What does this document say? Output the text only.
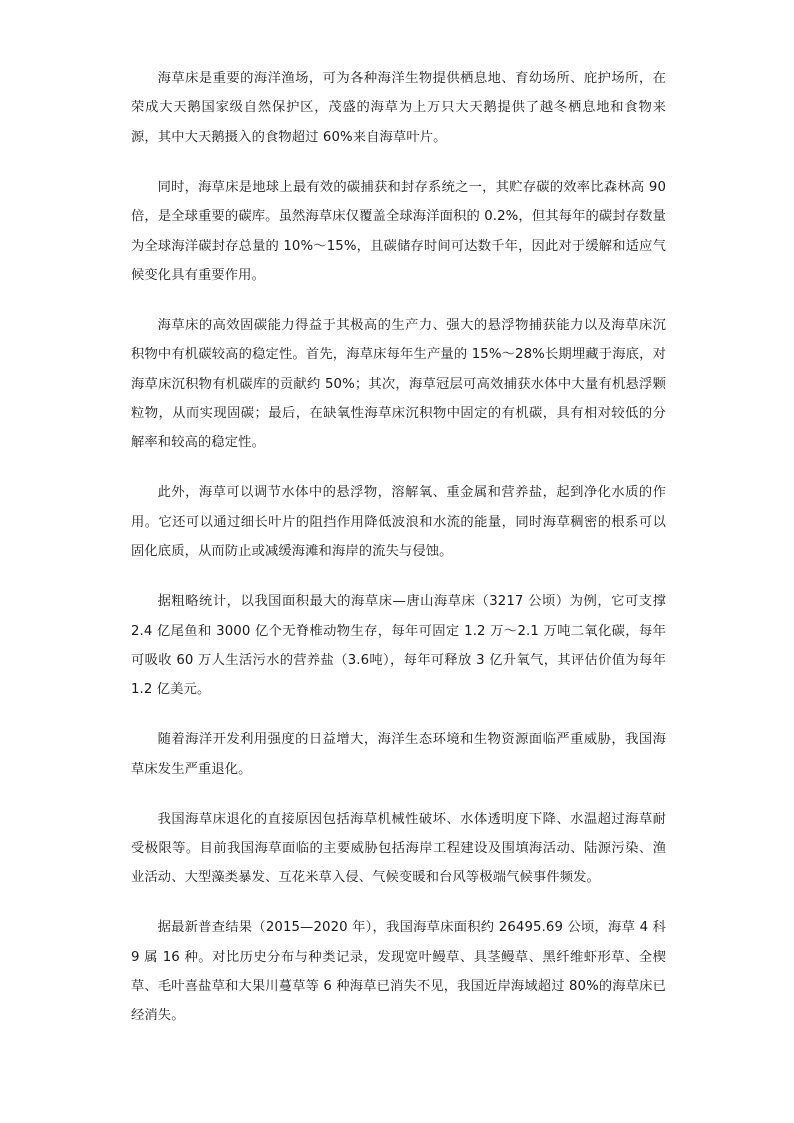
海草床是重要的海洋渔场，可为各种海洋生物提供栖息地、育幼场所、庇护场所，在荣成大天鹅国家级自然保护区，茂盛的海草为上万只大天鹅提供了越冬栖息地和食物来源，其中大天鹅摄入的食物超过 60%来自海草叶片。

同时，海草床是地球上最有效的碳捕获和封存系统之一，其贮存碳的效率比森林高 90 倍，是全球重要的碳库。虽然海草床仅覆盖全球海洋面积的 0.2%，但其每年的碳封存数量为全球海洋碳封存总量的 10%～15%，且碳储存时间可达数千年，因此对于缓解和适应气候变化具有重要作用。

海草床的高效固碳能力得益于其极高的生产力、强大的悬浮物捕获能力以及海草床沉积物中有机碳较高的稳定性。首先，海草床每年生产量的 15%～28%长期埋藏于海底，对海草床沉积物有机碳库的贡献约 50%；其次，海草冠层可高效捕获水体中大量有机悬浮颗粒物，从而实现固碳；最后，在缺氧性海草床沉积物中固定的有机碳，具有相对较低的分解率和较高的稳定性。

此外，海草可以调节水体中的悬浮物，溶解氧、重金属和营养盐，起到净化水质的作用。它还可以通过细长叶片的阻挡作用降低波浪和水流的能量，同时海草稠密的根系可以固化底质，从而防止或减缓海滩和海岸的流失与侵蚀。

据粗略统计，以我国面积最大的海草床—唐山海草床（3217 公顷）为例，它可支撑 2.4 亿尾鱼和 3000 亿个无脊椎动物生存，每年可固定 1.2 万～2.1 万吨二氧化碳，每年可吸收 60 万人生活污水的营养盐（3.6吨），每年可释放 3 亿升氧气，其评估价值为每年 1.2 亿美元。

随着海洋开发利用强度的日益增大，海洋生态环境和生物资源面临严重威胁，我国海草床发生严重退化。

我国海草床退化的直接原因包括海草机械性破坏、水体透明度下降、水温超过海草耐受极限等。目前我国海草面临的主要威胁包括海岸工程建设及围填海活动、陆源污染、渔业活动、大型藻类暴发、互花米草入侵、气候变暖和台风等极端气候事件频发。

据最新普查结果（2015—2020 年），我国海草床面积约 26495.69 公顷，海草 4 科 9 属 16 种。对比历史分布与种类记录，发现宽叶鳗草、具茎鳗草、黑纤维虾形草、全楔草、毛叶喜盐草和大果川蔓草等 6 种海草已消失不见，我国近岸海域超过 80%的海草床已经消失。
